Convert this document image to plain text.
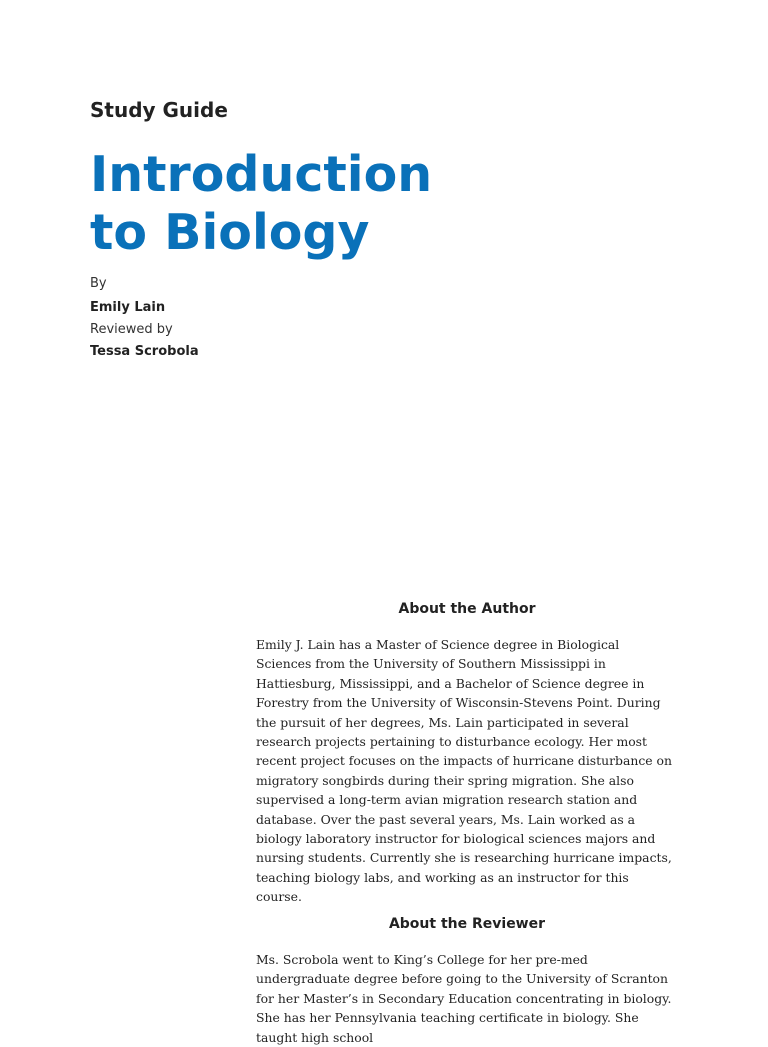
Study Guide
Introduction
to Biology
By
Emily Lain
Reviewed by
Tessa Scrobola
About the Author

Emily J. Lain has a Master of Science degree in Biological Sciences from the University of Southern Mississippi in Hattiesburg, Mississippi, and a Bachelor of Science degree in Forestry from the University of Wisconsin-Stevens Point. During the pursuit of her degrees, Ms. Lain participated in several research projects pertaining to disturbance ecology. Her most recent project focuses on the impacts of hurricane disturbance on migratory songbirds during their spring migration. She also supervised a long-term avian migration research station and database. Over the past several years, Ms. Lain worked as a biology laboratory instructor for biological sciences majors and nursing students. Currently she is researching hurricane impacts, teaching biology labs, and working as an instructor for this course.

About the Reviewer

Ms. Scrobola went to King’s College for her pre-med undergraduate degree before going to the University of Scranton for her Master’s in Secondary Education concentrating in biology. She has her Pennsylvania teaching certificate in biology. She taught high school
